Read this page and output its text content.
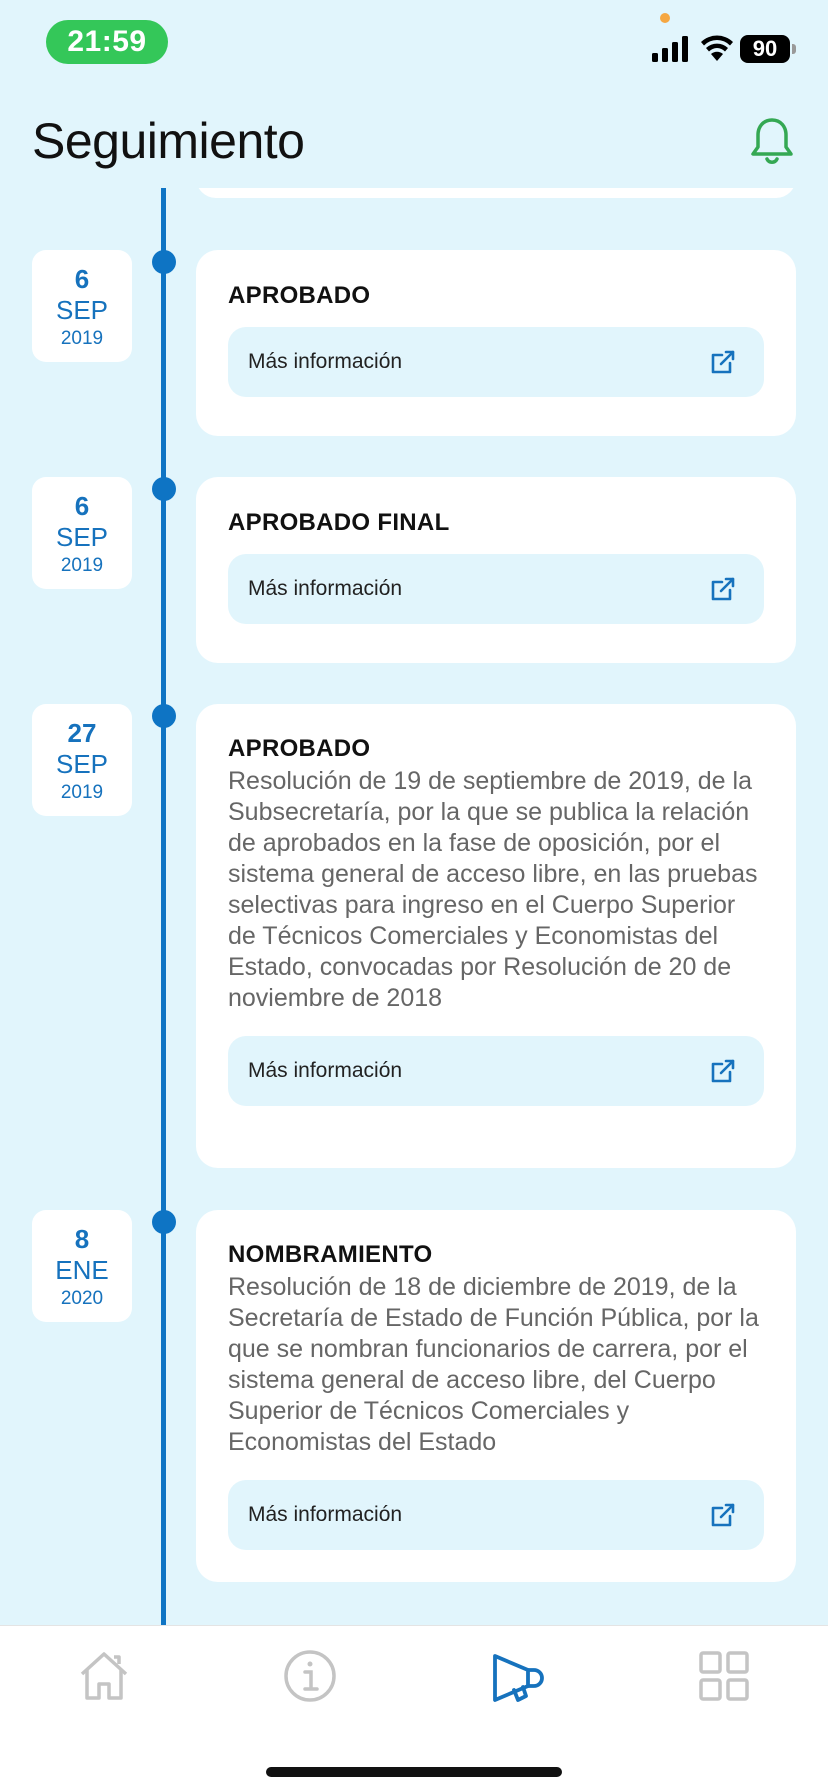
21:59	90
Seguimiento
6
SEP
2019
APROBADO
Más información
6
SEP
2019
APROBADO FINAL
Más información
27
SEP
2019
APROBADO
Resolución de 19 de septiembre de 2019, de la Subsecretaría, por la que se publica la relación de aprobados en la fase de oposición, por el sistema general de acceso libre, en las pruebas selectivas para ingreso en el Cuerpo Superior de Técnicos Comerciales y Economistas del Estado, convocadas por Resolución de 20 de noviembre de 2018
Más información
8
ENE
2020
NOMBRAMIENTO
Resolución de 18 de diciembre de 2019, de la Secretaría de Estado de Función Pública, por la que se nombran funcionarios de carrera, por el sistema general de acceso libre, del Cuerpo Superior de Técnicos Comerciales y Economistas del Estado
Más información
